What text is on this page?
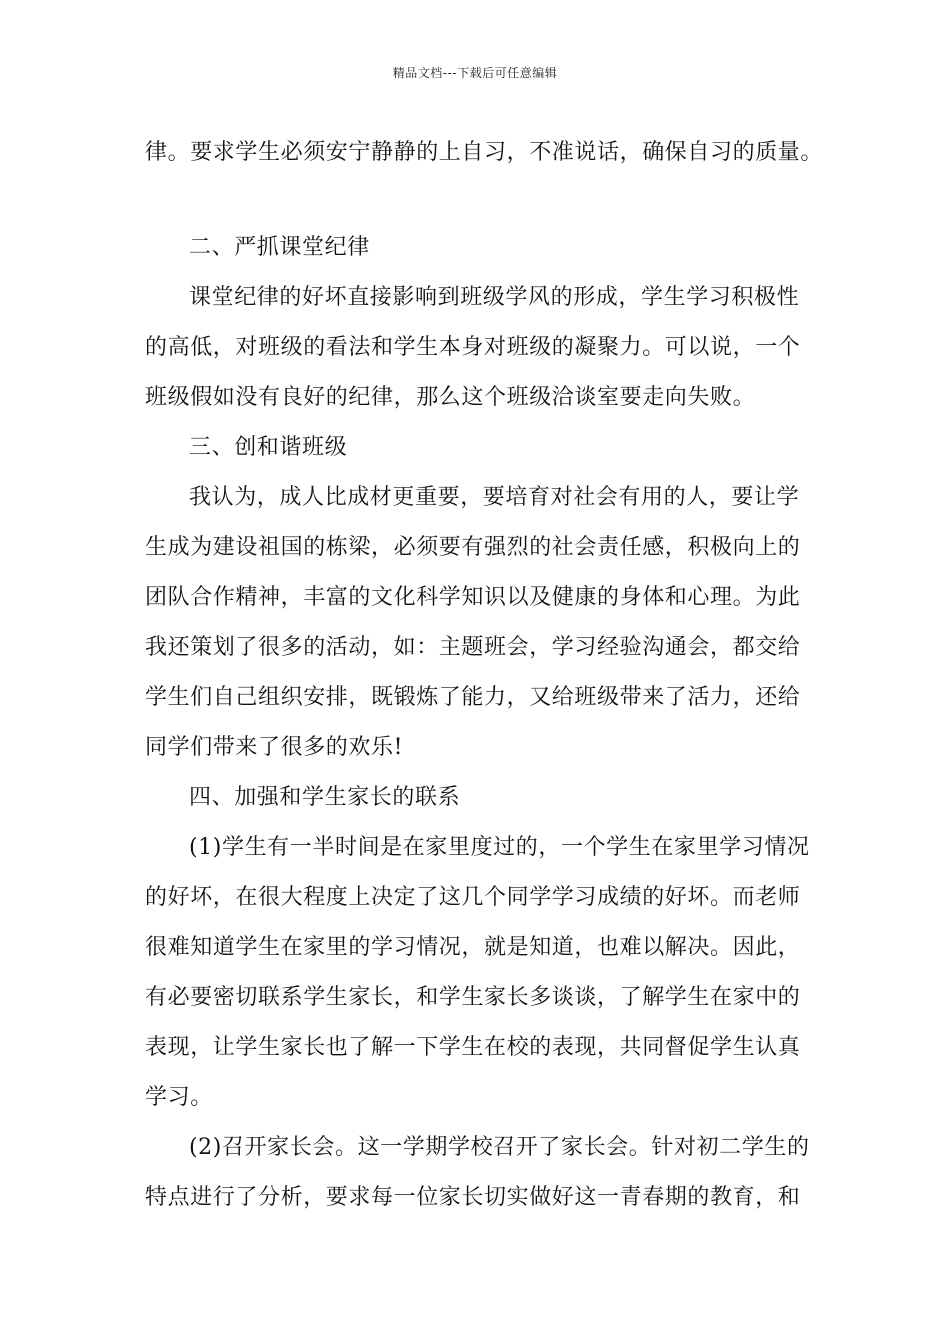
精品文档---下载后可任意编辑
律。要求学生必须安宁静静的上自习，不准说话，确保自习的质量。
二、严抓课堂纪律
课堂纪律的好坏直接影响到班级学风的形成，学生学习积极性
的高低，对班级的看法和学生本身对班级的凝聚力。可以说，一个
班级假如没有良好的纪律，那么这个班级洽谈室要走向失败。
三、创和谐班级
我认为，成人比成材更重要，要培育对社会有用的人，要让学
生成为建设祖国的栋梁，必须要有强烈的社会责任感，积极向上的
团队合作精神，丰富的文化科学知识以及健康的身体和心理。为此
我还策划了很多的活动，如：主题班会，学习经验沟通会，都交给
学生们自己组织安排，既锻炼了能力，又给班级带来了活力，还给
同学们带来了很多的欢乐!
四、加强和学生家长的联系
(1)学生有一半时间是在家里度过的，一个学生在家里学习情况
的好坏，在很大程度上决定了这几个同学学习成绩的好坏。而老师
很难知道学生在家里的学习情况，就是知道，也难以解决。因此，
有必要密切联系学生家长，和学生家长多谈谈，了解学生在家中的
表现，让学生家长也了解一下学生在校的表现，共同督促学生认真
学习。
(2)召开家长会。这一学期学校召开了家长会。针对初二学生的
特点进行了分析，要求每一位家长切实做好这一青春期的教育，和
